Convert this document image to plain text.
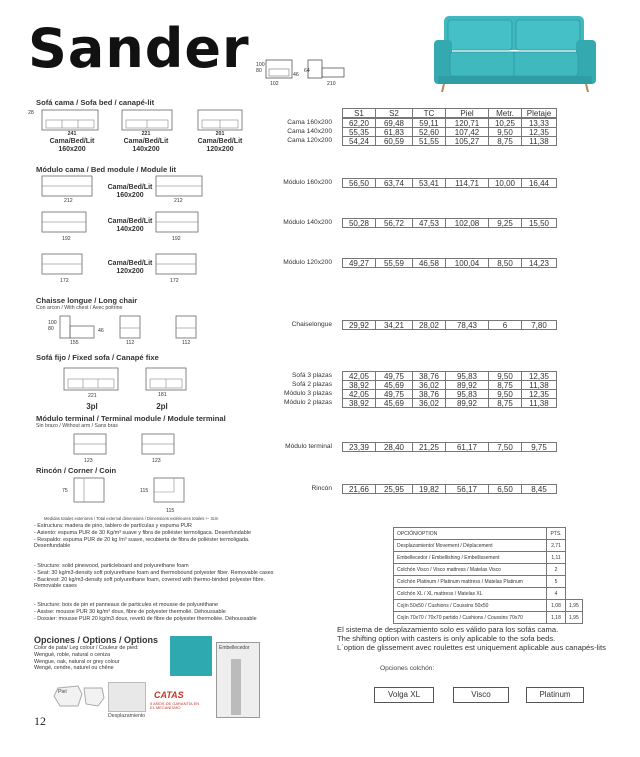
Sander 100
80
46
64
102	210
Sofá cama / Sofa bed / canapé-lit
28
241
Cama/Bed/Lit
160x200
221
Cama/Bed/Lit
140x200
201
Cama/Bed/Lit
120x200
Módulo cama / Bed module / Module lit
212	212
Cama/Bed/Lit
160x200
192	192
Cama/Bed/Lit
140x200
172	172
Cama/Bed/Lit
120x200
Chaisse longue / Long chair
Con arcon / With chest / Avec poitrine
100
80	46
155	112	112
Sofá fijo / Fixed sofa / Canapé fixe
221	181
3pl	2pl
Módulo terminal / Terminal module / Module terminal
Sin brazo / Without arm / Sans bras
123	123
Rincón / Corner / Coin
75	115
115
Medidas totales exteriores / Total external dimensions / Dimensions extérieures totales +- 3cm
- Estructura: madera de pino, tablero de partículas y espuma PUR
- Asiento: espuma PUR de 30 Kg/m³ suave y fibra de poliéster termoligaca. Desenfundable
- Respaldo: espuma PUR de 20 kg /m³ suave, recubierta de fibra de poliéster termoligada. Desenfundable
- Structure: solid pinewood, particleboard and polyurethane foam
- Seat: 30 kg/m3-density soft polyurethane foam and thermobound polyester fiber. Removable cases
- Backrest: 20 kg/m3-density soft polyurethane foam, covered with thermo-binded polyester fibre. Removable cases
- Structure: bois de pin et panneaux de particules et mousse de polyuréthane
- Assise: mousse PUR 30 kg/m³ doux, fibre de polyester thermolié. Déhoussable
- Dossier: mousse PUR 20 kg/m3 doux, revetû de fibre de polyester thermoliée. Déhoussable
Opciones / Options / Options
Color de pata/ Leg colour / Couleur de pied:
Wengué, roble, natural o ceniza
Wengue, oak, natural or grey colour
Wengé, cendre, naturel ou chêne
Embellecedor
Piel
Desplazamiento
CATAS
5 AÑOS DE GARANTÍA EN EL MECANISMO
12
S1	S2	TC	Piel	Metr.	Pletaje
Cama 160x200	62,20	69,48	59,11	120,71	10,25	13,33
Cama 140x200	55,35	61,83	52,60	107,42	9,50	12,35
Cama 120x200	54,24	60,59	51,55	105,27	8,75	11,38
Módulo 160x200	56,50	63,74	53,41	114,71	10,00	16,44
Módulo 140x200	50,28	56,72	47,53	102,08	9,25	15,50
Módulo 120x200	49,27	55,59	46,58	100,04	8,50	14,23
Chaiselongue	29,92	34,21	28,02	78,43	6	7,80
Sofá 3 plazas	42,05	49,75	38,76	95,83	9,50	12,35
Sofá 2 plazas	38,92	45,69	36,02	89,92	8,75	11,38
Módulo 3 plazas	42,05	49,75	38,76	95,83	9,50	12,35
Módulo 2 plazas	38,92	45,69	36,02	89,92	8,75	11,38
Módulo terminal	23,39	28,40	21,25	61,17	7,50	9,75
Rincón	21,66	25,95	19,82	56,17	6,50	8,45
OPCIÓN/OPTION	PTS.	
Desplazamiento/ Movement / Déplacement	2,71	
Embellecedor / Embellishing / Embellissement	1,11	
Colchón Visco / Visco mattress / Matelas Visco	2	
Colchón Platinum / Platinum mattress / Matelas Platinum	5	
Colchón XL / XL mattress / Matelas XL	4	
Cojín 50x50 / Cushions / Coussins 50x50	1,08	1,95
Cojín 70x70 / 70x70 partido / Cushions / Coussins 70x70	1,18	1,95
El sistema de desplazamiento solo es válido para los sofás cama.
The shifting option with casters is only aplicable to the sofa beds.
L´option de glissement avec roulettes est uniquement aplicable aus canapés-lits
Opciones colchón:
Volga XL	Visco	Platinum
